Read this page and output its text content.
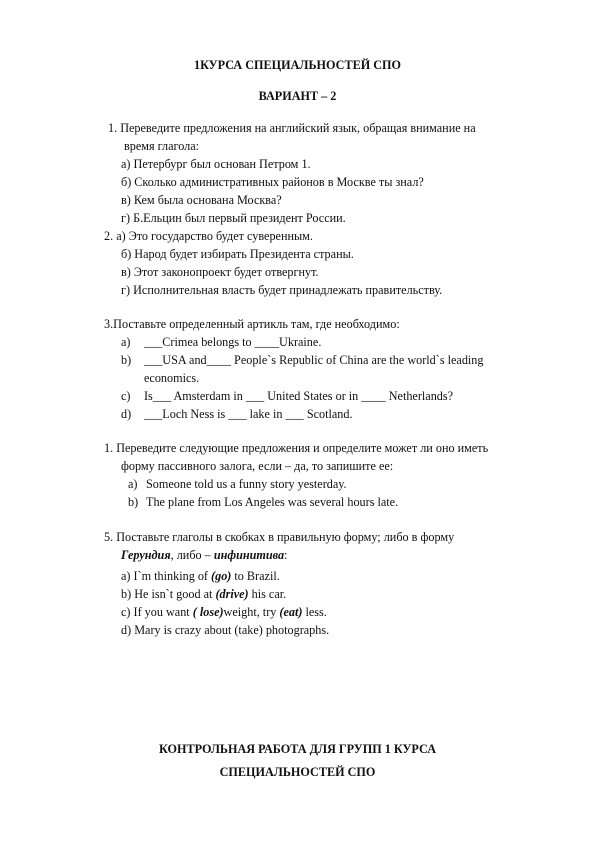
1КУРСА СПЕЦИАЛЬНОСТЕЙ СПО
ВАРИАНТ – 2
1. Переведите предложения на английский язык, обращая внимание на
время глагола:
а) Петербург был основан Петром 1.
б) Сколько административных районов в Москве ты знал?
в) Кем была основана Москва?
г) Б.Ельцин был первый президент России.
2. а) Это государство будет суверенным.
б) Народ будет избирать Президента страны.
в) Этот законопроект будет отвергнут.
г) Исполнительная власть будет принадлежать правительству.
3.Поставьте определенный артикль там, где необходимо:
a) ___Crimea belongs to ____Ukraine.
b) ___USA and____ People`s Republic of China are the world`s leading
economics.
c) Is___ Amsterdam in ___ United States or in ____ Netherlands?
d) ___Loch Ness is ___ lake in ___ Scotland.
1. Переведите следующие предложения и определите может ли оно иметь
форму пассивного залога, если – да, то запишите ее:
a) Someone told us a funny story yesterday.
b) The plane from Los Angeles was several hours late.
5. Поставьте глаголы в скобках в правильную форму; либо в форму
Герундия, либо – инфинитива:
a) I`m thinking of (go) to Brazil.
b) He isn`t good at (drive) his car.
c) If you want ( lose)weight, try (eat) less.
d) Mary is crazy about (take) photographs.
КОНТРОЛЬНАЯ РАБОТА ДЛЯ ГРУПП 1 КУРСА
СПЕЦИАЛЬНОСТЕЙ СПО
